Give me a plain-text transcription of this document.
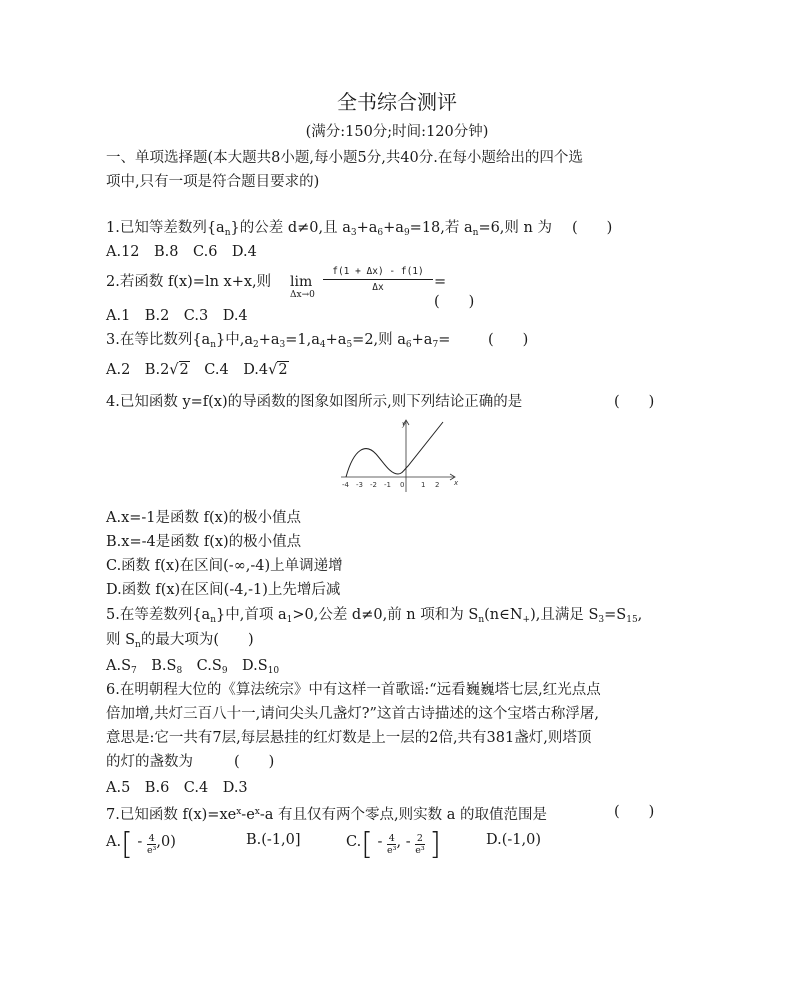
全书综合测评
(满分:150分;时间:120分钟)
一、单项选择题(本大题共8小题,每小题5分,共40分.在每小题给出的四个选
项中,只有一项是符合题目要求的)
1.已知等差数列$\{a_n\}$的公差 d≠0,且 $a_3+a_6+a_9=18$,若 $a_n=6$,则 n 为 (　　)
A.12　B.8　C.6　D.4
2.若函数 f(x)=ln x+x,则 lim
Δx→0
$\frac{f(1 + \Delta x) - f(1)}{\Delta x}$ =(　　)
A.1　B.2　C.3　D.4
3.在等比数列$\{a_n\}$中$,a_2+a_3=1,a_4+a_5=2$,则 $a_6+a_7=$	(　　)
A.2　B.2√2　C.4　D.4√2
4.已知函数 y=f(x)的导函数的图象如图所示,则下列结论正确的是	(　　)
y
x
-4 -3 -2 -1 0 1 2
A.x=-1是函数 f(x)的极小值点
B.x=-4是函数 f(x)的极小值点
C.函数 f(x)在区间(-∞,-4)上单调递增
D.函数 f(x)在区间(-4,-1)上先增后减
5.在等差数列$\{a_n\}$中,首项 $a_1>0$,公差 d≠0,前 n 项和为 $S_n(n\in N_+)$,且满足 $S_3=S_{15}$,
则 $S_n$的最大项为(　　)
$A.S_7$　$B.S_8$　$C.S_9$　$D.S_{10}$
6.在明朝程大位的《算法统宗》中有这样一首歌谣:“远看巍巍塔七层,红光点点
倍加增,共灯三百八十一,请问尖头几盏灯?”这首古诗描述的这个宝塔古称浮屠,
意思是:它一共有7层,每层悬挂的红灯数是上一层的2倍,共有381盏灯,则塔顶
的灯的盏数为	(　　)
A.5　B.6　C.4　D.3
7.已知函数 $f(x)=xe^x-e^x-a$ 有且仅有两个零点,则实数 a 的取值范围是	(　　)
$A.[ - \frac{4}{\text{e³}} ,0)$	B.(-1,0]	$C.[ - \frac{4}{\text{e³}}$ , - $\frac{2}{\text{e³}}$ ]	D.(-1,0)
